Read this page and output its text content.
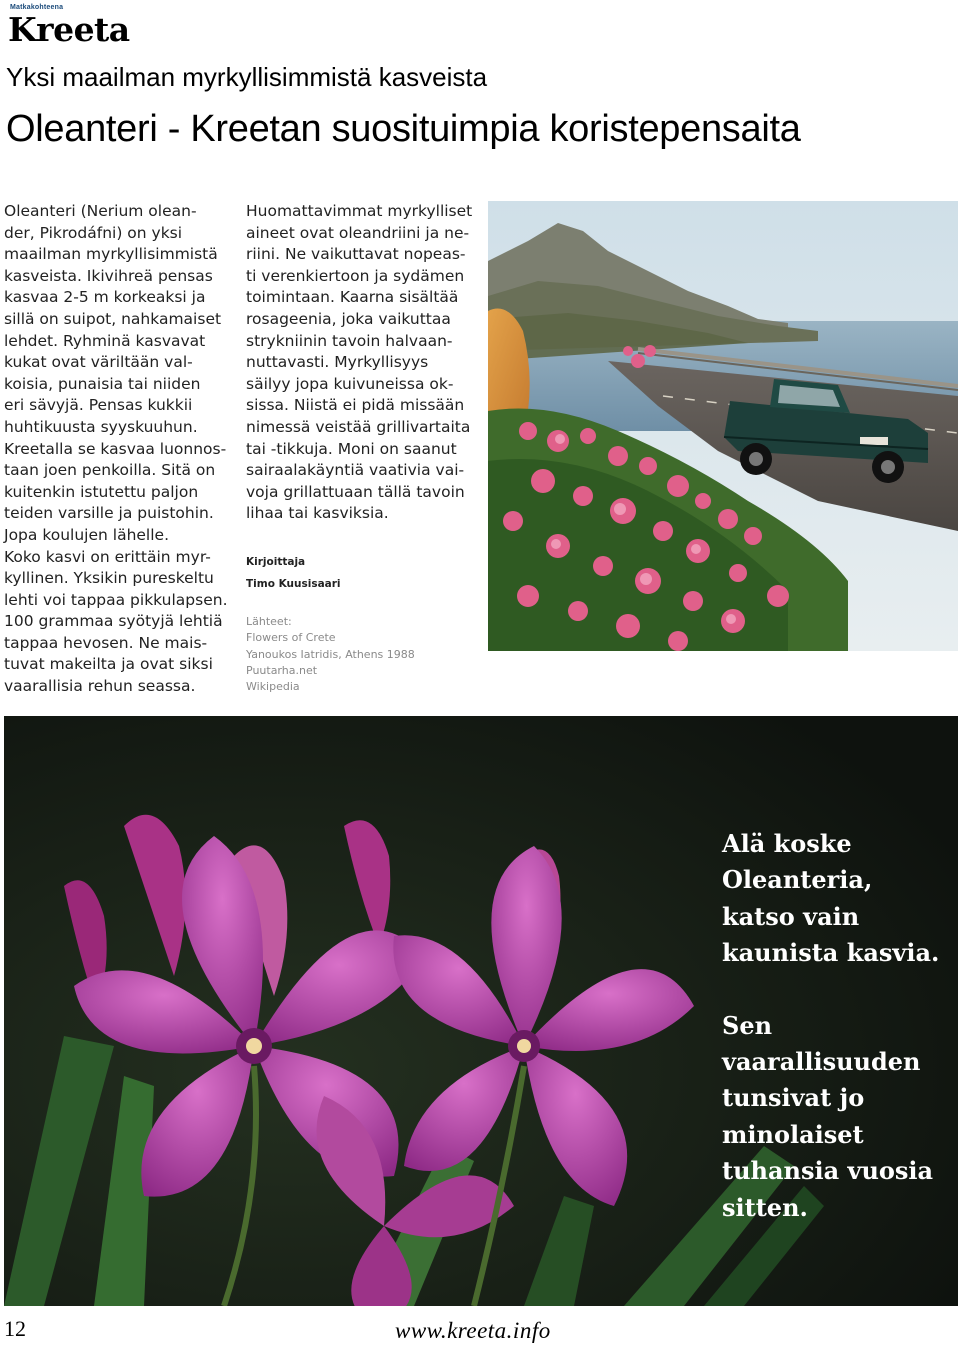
Matkakohteena
Kreeta
Yksi maailman myrkyllisimmistä kasveista
Oleanteri - Kreetan suosituimpia koristepensaita
Oleanteri (Nerium olean-
der, Pikrodáfni) on yksi
maailman myrkyllisimmistä
kasveista. Ikivihreä pensas
kasvaa 2-5 m korkeaksi ja
sillä on suipot, nahkamaiset
lehdet. Ryhminä kasvavat
kukat ovat väriltään val-
koisia, punaisia tai niiden
eri sävyjä. Pensas kukkii
huhtikuusta syyskuuhun.
Kreetalla se kasvaa luonnos-
taan joen penkoilla. Sitä on
kuitenkin istutettu paljon
teiden varsille ja puistohin.
Jopa koulujen lähelle.
Koko kasvi on erittäin myr-
kyllinen. Yksikin pureskeltu
lehti voi tappaa pikkulapsen.
100 grammaa syötyjä lehtiä
tappaa hevosen. Ne mais-
tuvat makeilta ja ovat siksi
vaarallisia rehun seassa.
Huomattavimmat myrkylliset
aineet ovat oleandriini ja ne-
riini. Ne vaikuttavat nopeas-
ti verenkiertoon ja sydämen
toimintaan. Kaarna sisältää
rosageenia, joka vaikuttaa
strykniinin tavoin halvaan-
nuttavasti. Myrkyllisyys
säilyy jopa kuivuneissa ok-
sissa. Niistä ei pidä missään
nimessä veistää grillivartaita
tai -tikkuja. Moni on saanut
sairaalakäyntiä vaativia vai-
voja grillattuaan tällä tavoin
lihaa tai kasviksia.
Kirjoittaja
Timo Kuusisaari
Lähteet:
Flowers of Crete
Yanoukos Iatridis, Athens 1988
Puutarha.net
Wikipedia
Alä koske
Oleanteria,
katso vain
kaunista kasvia.
Sen
vaarallisuuden
tunsivat jo
minolaiset
tuhansia vuosia
sitten.
12	www.kreeta.info
